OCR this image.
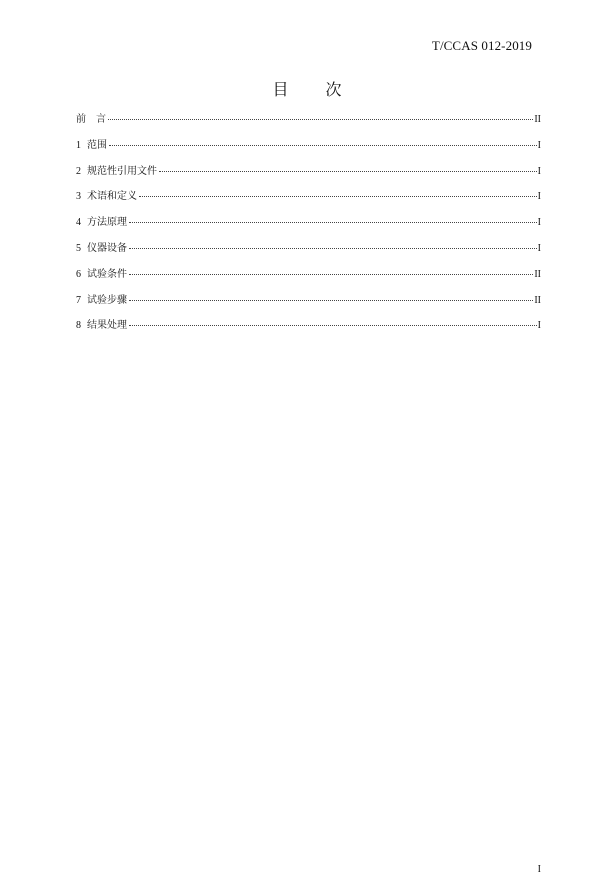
T/CCAS 012-2019
目 次
前　言	II
1 范围	I
2 规范性引用文件	I
3 术语和定义	I
4 方法原理	I
5 仪器设备	I
6 试验条件	II
7 试验步骤	II
8 结果处理	I
I
